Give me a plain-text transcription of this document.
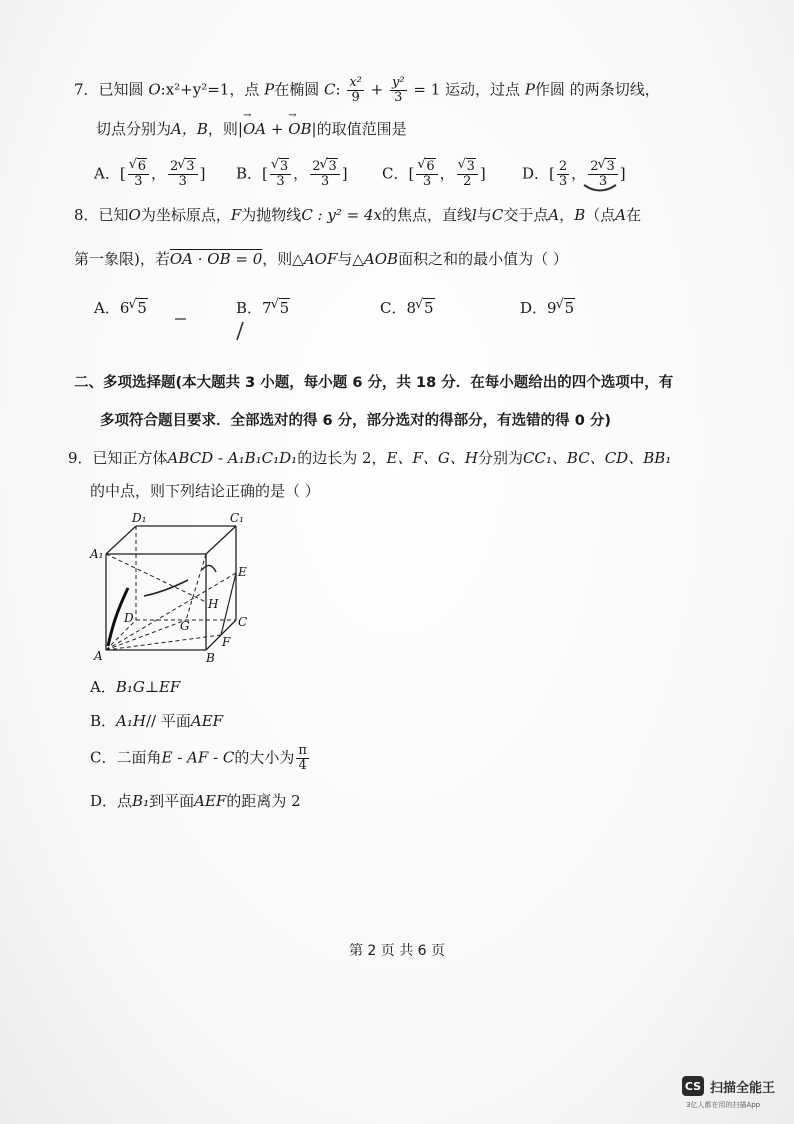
7．已知圆 O:x²+y²=1，点 P在椭圆 C: $\frac{\text{x²}}{9} + \frac{\text{y²}}{3} = 1$ 运动，过点 P作圆 的两条切线，
切点分别为A，B，则|→ OA + → OB|的取值范围是
A．[ √ $\frac{6}{3}$ ， $\frac{2 √ 3}{3}$ ] B．[ √ $\frac{3}{3}$ ， $\frac{2 √ 3}{3}$ ] C．[ √ $\frac{6}{3}$ ， √ $\frac{3}{2}$ ] D．[ $\frac{2}{3}$ ， $\frac{2 √ 3}{3}$ ]
8．已知O为坐标原点，F为抛物线C : y² = 4x的焦点，直线l与C交于点A，B（点A在
第一象限)，若OA · OB = 0，则△AOF与△AOB面积之和的最小值为（ ）
A．6 √ 5	B．7 √ 5	C．8 √ 5	D．9 √ 5
二、多项选择题(本大题共 3 小题，每小题 6 分，共 18 分．在每小题给出的四个选项中，有
多项符合题目要求．全部选对的得 6 分，部分选对的得部分，有选错的得 0 分)
9．已知正方体ABCD - A₁B₁C₁D₁的边长为 2，E、F、G、H分别为CC₁、BC、CD、BB₁
的中点，则下列结论正确的是（ ）
D₁	C₁
A₁
E
H
D
G	C
F
A	B
A．B₁G⊥EF
B．A₁H// 平面AEF
C．二面角E - AF - C的大小为 $\frac{\pi}{4}$
D．点B₁到平面AEF的距离为 2
第 2 页 共 6 页
CS 扫描全能王
3亿人都在用的扫描App
